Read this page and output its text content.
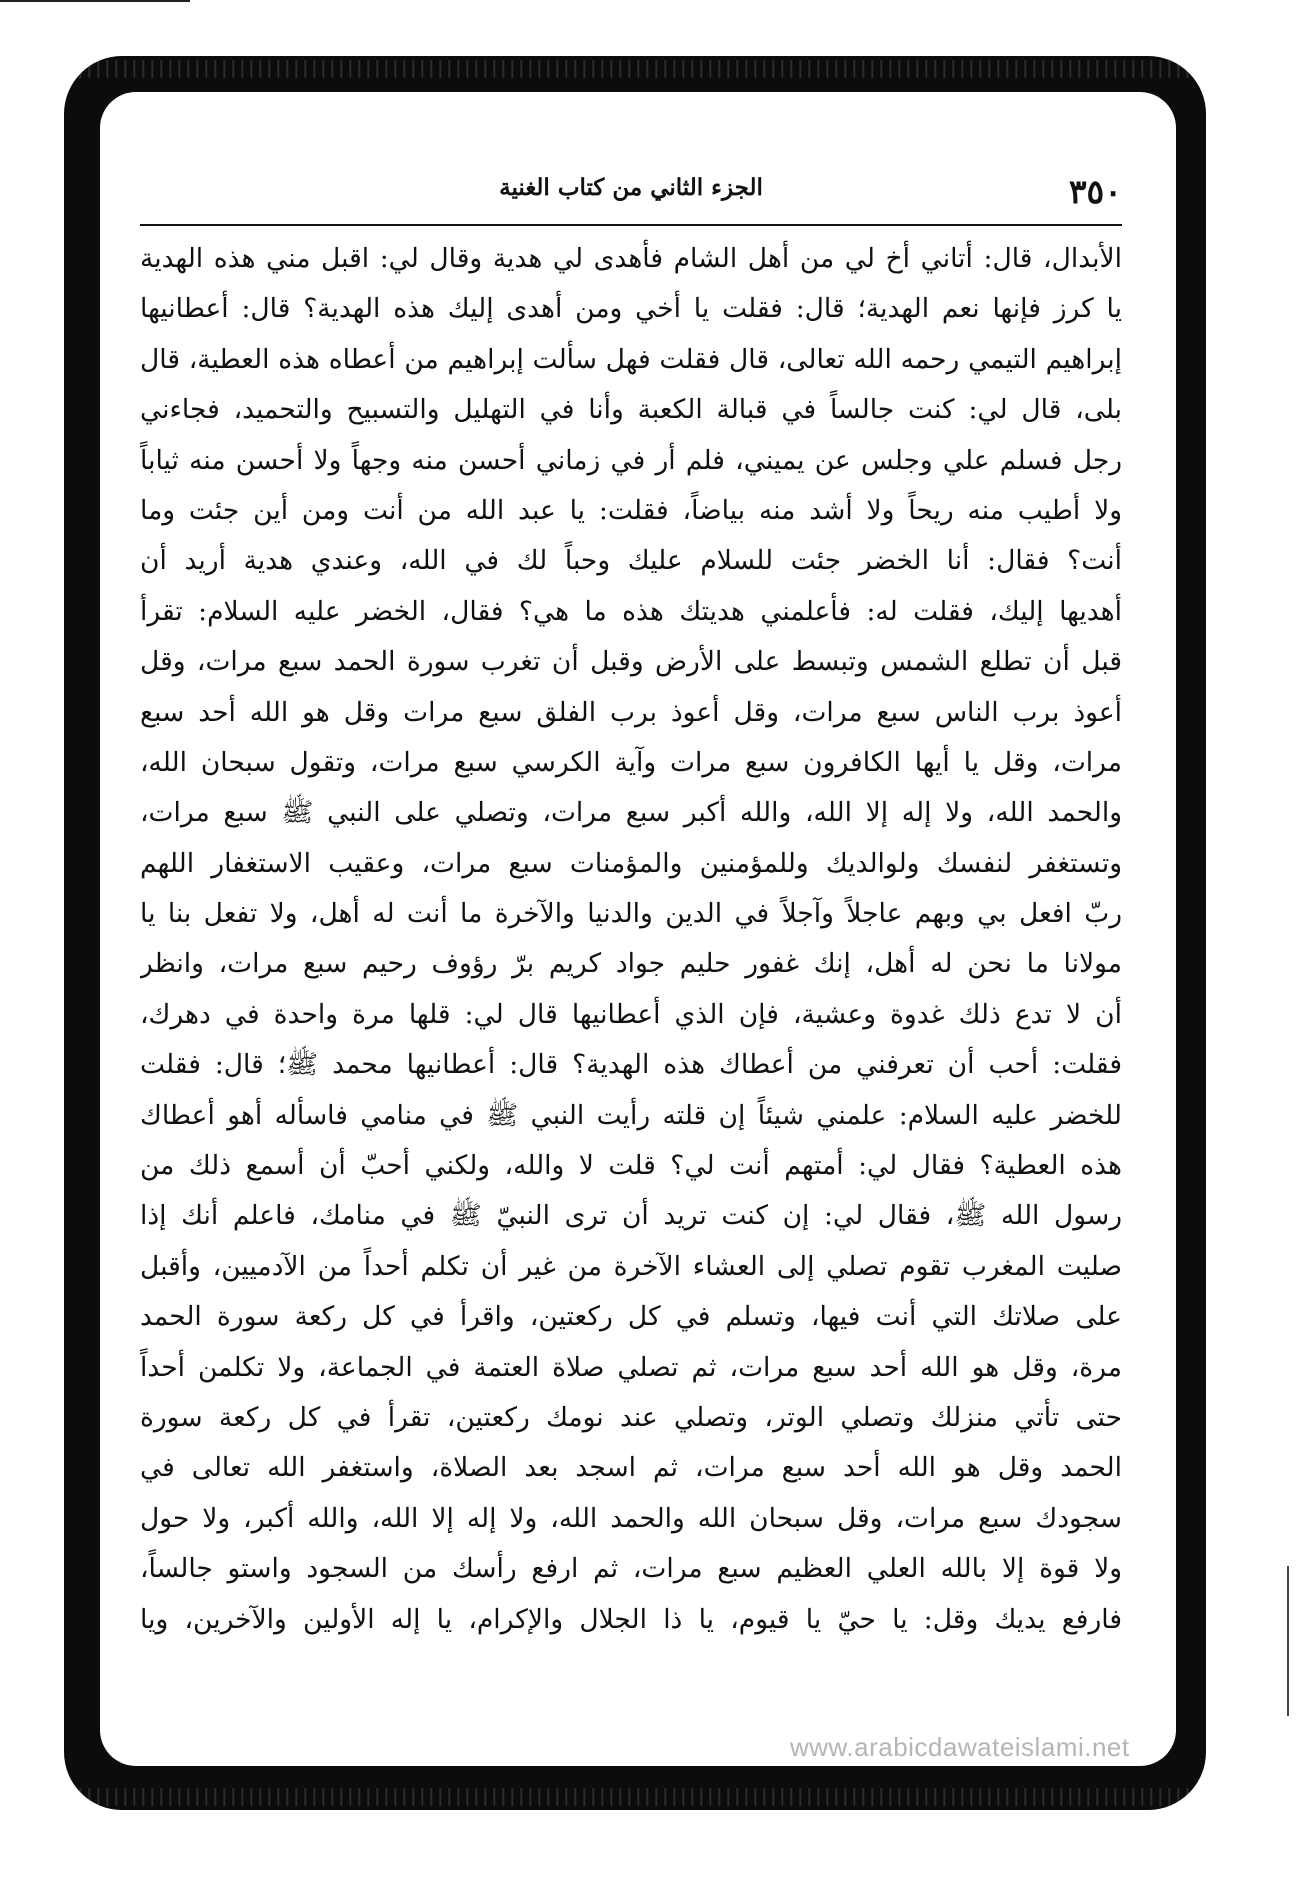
٣٥٠
الجزء الثاني من كتاب الغنية
الأبدال، قال: أتاني أخ لي من أهل الشام فأهدى لي هدية وقال لي: اقبل مني هذه الهدية
يا كرز فإنها نعم الهدية؛ قال: فقلت يا أخي ومن أهدى إليك هذه الهدية؟ قال: أعطانيها
إبراهيم التيمي رحمه الله تعالى، قال فقلت فهل سألت إبراهيم من أعطاه هذه العطية، قال
بلى، قال لي: كنت جالساً في قبالة الكعبة وأنا في التهليل والتسبيح والتحميد، فجاءني
رجل فسلم علي وجلس عن يميني، فلم أر في زماني أحسن منه وجهاً ولا أحسن منه ثياباً
ولا أطيب منه ريحاً ولا أشد منه بياضاً، فقلت: يا عبد الله من أنت ومن أين جئت وما
أنت؟ فقال: أنا الخضر جئت للسلام عليك وحباً لك في الله، وعندي هدية أريد أن
أهديها إليك، فقلت له: فأعلمني هديتك هذه ما هي؟ فقال، الخضر عليه السلام: تقرأ
قبل أن تطلع الشمس وتبسط على الأرض وقبل أن تغرب سورة الحمد سبع مرات، وقل
أعوذ برب الناس سبع مرات، وقل أعوذ برب الفلق سبع مرات وقل هو الله أحد سبع
مرات، وقل يا أيها الكافرون سبع مرات وآية الكرسي سبع مرات، وتقول سبحان الله،
والحمد الله، ولا إله إلا الله، والله أكبر سبع مرات، وتصلي على النبي ﷺ سبع مرات،
وتستغفر لنفسك ولوالديك وللمؤمنين والمؤمنات سبع مرات، وعقيب الاستغفار اللهم
ربّ افعل بي وبهم عاجلاً وآجلاً في الدين والدنيا والآخرة ما أنت له أهل، ولا تفعل بنا يا
مولانا ما نحن له أهل، إنك غفور حليم جواد كريم برّ رؤوف رحيم سبع مرات، وانظر
أن لا تدع ذلك غدوة وعشية، فإن الذي أعطانيها قال لي: قلها مرة واحدة في دهرك،
فقلت: أحب أن تعرفني من أعطاك هذه الهدية؟ قال: أعطانيها محمد ﷺ؛ قال: فقلت
للخضر عليه السلام: علمني شيئاً إن قلته رأيت النبي ﷺ في منامي فاسأله أهو أعطاك
هذه العطية؟ فقال لي: أمتهم أنت لي؟ قلت لا والله، ولكني أحبّ أن أسمع ذلك من
رسول الله ﷺ، فقال لي: إن كنت تريد أن ترى النبيّ ﷺ في منامك، فاعلم أنك إذا
صليت المغرب تقوم تصلي إلى العشاء الآخرة من غير أن تكلم أحداً من الآدميين، وأقبل
على صلاتك التي أنت فيها، وتسلم في كل ركعتين، واقرأ في كل ركعة سورة الحمد
مرة، وقل هو الله أحد سبع مرات، ثم تصلي صلاة العتمة في الجماعة، ولا تكلمن أحداً
حتى تأتي منزلك وتصلي الوتر، وتصلي عند نومك ركعتين، تقرأ في كل ركعة سورة
الحمد وقل هو الله أحد سبع مرات، ثم اسجد بعد الصلاة، واستغفر الله تعالى في
سجودك سبع مرات، وقل سبحان الله والحمد الله، ولا إله إلا الله، والله أكبر، ولا حول
ولا قوة إلا بالله العلي العظيم سبع مرات، ثم ارفع رأسك من السجود واستو جالساً،
فارفع يديك وقل: يا حيّ يا قيوم، يا ذا الجلال والإكرام، يا إله الأولين والآخرين، ويا
www.arabicdawateislami.net
